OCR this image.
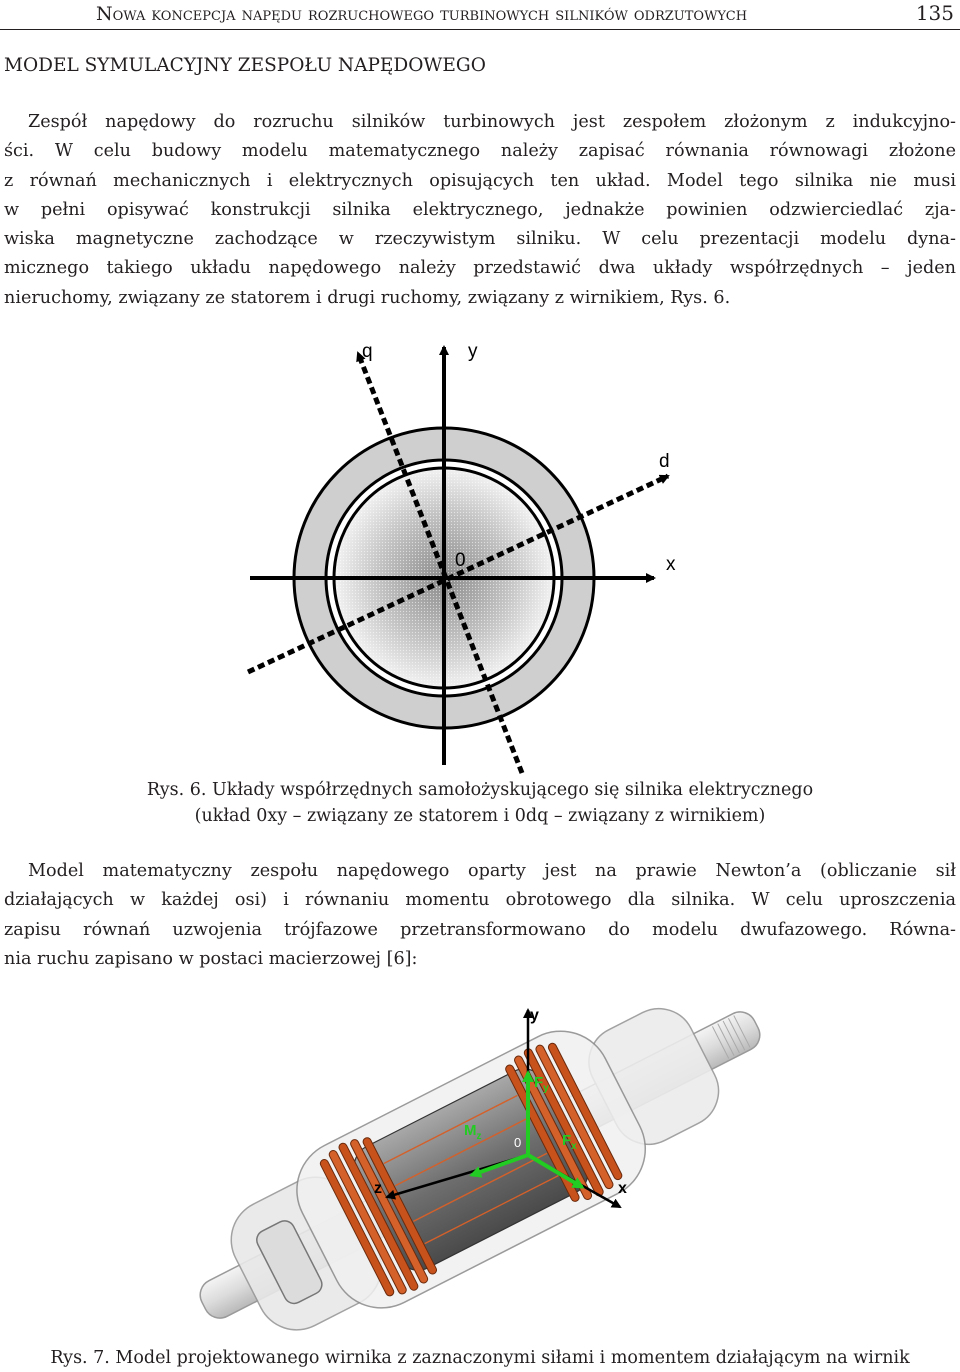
Nowa koncepcja napędu rozruchowego turbinowych silników odrzutowych	135
MODEL SYMULACYJNY ZESPOŁU NAPĘDOWEGO
Zespół napędowy do rozruchu silników turbinowych jest zespołem złożonym z indukcyjno-
ści. W celu budowy modelu matematycznego należy zapisać równania równowagi złożone
z równań mechanicznych i elektrycznych opisujących ten układ. Model tego silnika nie musi
w pełni opisywać konstrukcji silnika elektrycznego, jednakże powinien odzwierciedlać zja-
wiska magnetyczne zachodzące w rzeczywistym silniku. W celu prezentacji modelu dyna-
micznego takiego układu napędowego należy przedstawić dwa układy współrzędnych – jeden
nieruchomy, związany ze statorem i drugi ruchomy, związany z wirnikiem, Rys. 6.
q	y
d
x
0
Rys. 6. Układy współrzędnych samołożyskującego się silnika elektrycznego
(układ 0xy – związany ze statorem i 0dq – związany z wirnikiem)
Model matematyczny zespołu napędowego oparty jest na prawie Newton’a (obliczanie sił
działających w każdej osi) i równaniu momentu obrotowego dla silnika. W celu uproszczenia
zapisu równań uzwojenia trójfazowe przetransformowano do modelu dwufazowego. Równa-
nia ruchu zapisano w postaci macierzowej [6]:
y
x
z
0
$F_y$
$F_x$
$M_z$
Rys. 7. Model projektowanego wirnika z zaznaczonymi siłami i momentem działającym na wirnik
